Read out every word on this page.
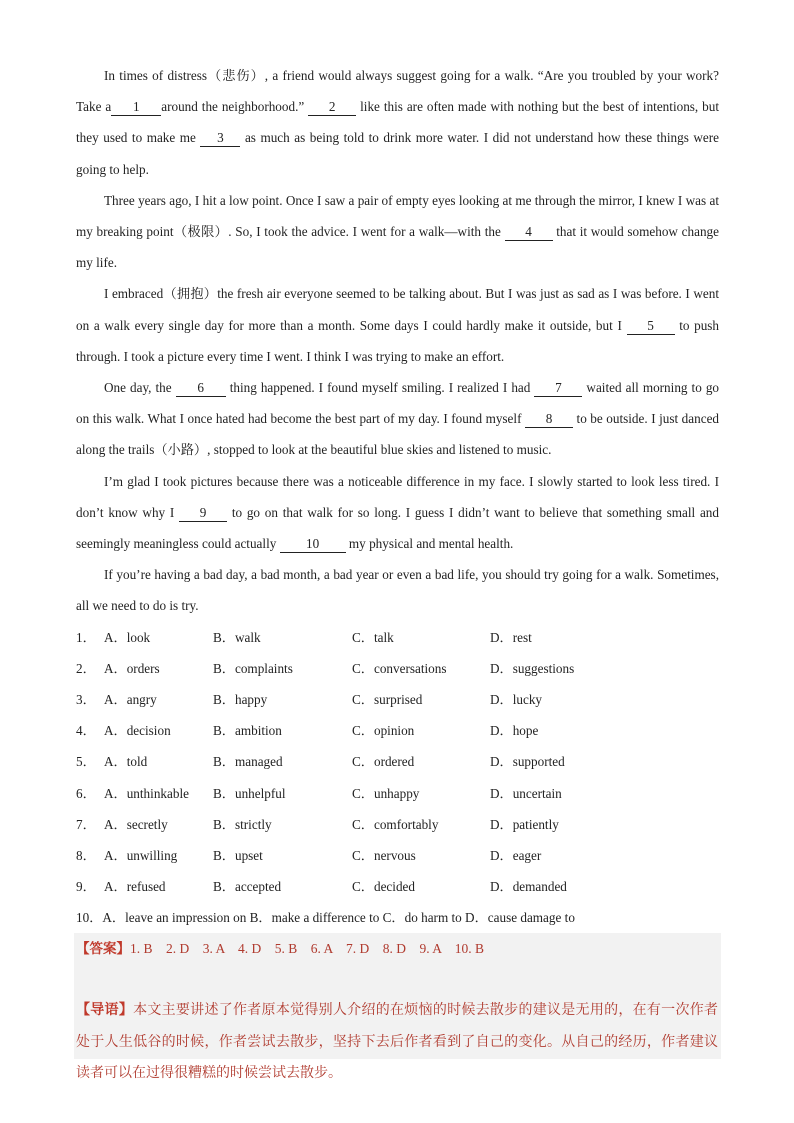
In times of distress（悲伤）, a friend would always suggest going for a walk. “Are you troubled by your work? Take a 1 around the neighborhood.” 2 like this are often made with nothing but the best of intentions, but they used to make me 3 as much as being told to drink more water. I did not understand how these things were going to help.

Three years ago, I hit a low point. Once I saw a pair of empty eyes looking at me through the mirror, I knew I was at my breaking point（极限）. So, I took the advice. I went for a walk—with the 4 that it would somehow change my life.

I embraced（拥抱）the fresh air everyone seemed to be talking about. But I was just as sad as I was before. I went on a walk every single day for more than a month. Some days I could hardly make it outside, but I 5 to push through. I took a picture every time I went. I think I was trying to make an effort.

One day, the 6 thing happened. I found myself smiling. I realized I had 7 waited all morning to go on this walk. What I once hated had become the best part of my day. I found myself 8 to be outside. I just danced along the trails（小路）, stopped to look at the beautiful blue skies and listened to music.

I’m glad I took pictures because there was a noticeable difference in my face. I slowly started to look less tired. I don’t know why I 9 to go on that walk for so long. I guess I didn’t want to believe that something small and seemingly meaningless could actually 10 my physical and mental health.

If you’re having a bad day, a bad month, a bad year or even a bad life, you should try going for a walk. Sometimes, all we need to do is try.

1． A．look	B．walk	C．talk	D．rest
2． A．orders	B．complaints	C．conversations	D．suggestions
3． A．angry	B．happy	C．surprised	D．lucky
4． A．decision	B．ambition	C．opinion	D．hope
5． A．told	B．managed	C．ordered	D．supported
6． A．unthinkable B．unhelpful	C．unhappy	D．uncertain
7． A．secretly	B．strictly	C．comfortably	D．patiently
8． A．unwilling	B．upset	C．nervous	D．eager
9． A．refused	B．accepted	C．decided	D．demanded
10．A．leave an impression on B．make a difference to C．do harm to D．cause damage to
【答案】1. B　2. D　3. A　4. D　5. B　6. A　7. D　8. D　9. A　10. B
【导语】本文主要讲述了作者原本觉得别人介绍的在烦恼的时候去散步的建议是无用的，在有一次作者处于人生低谷的时候，作者尝试去散步，坚持下去后作者看到了自己的变化。从自己的经历，作者建议读者可以在过得很糟糕的时候尝试去散步。
